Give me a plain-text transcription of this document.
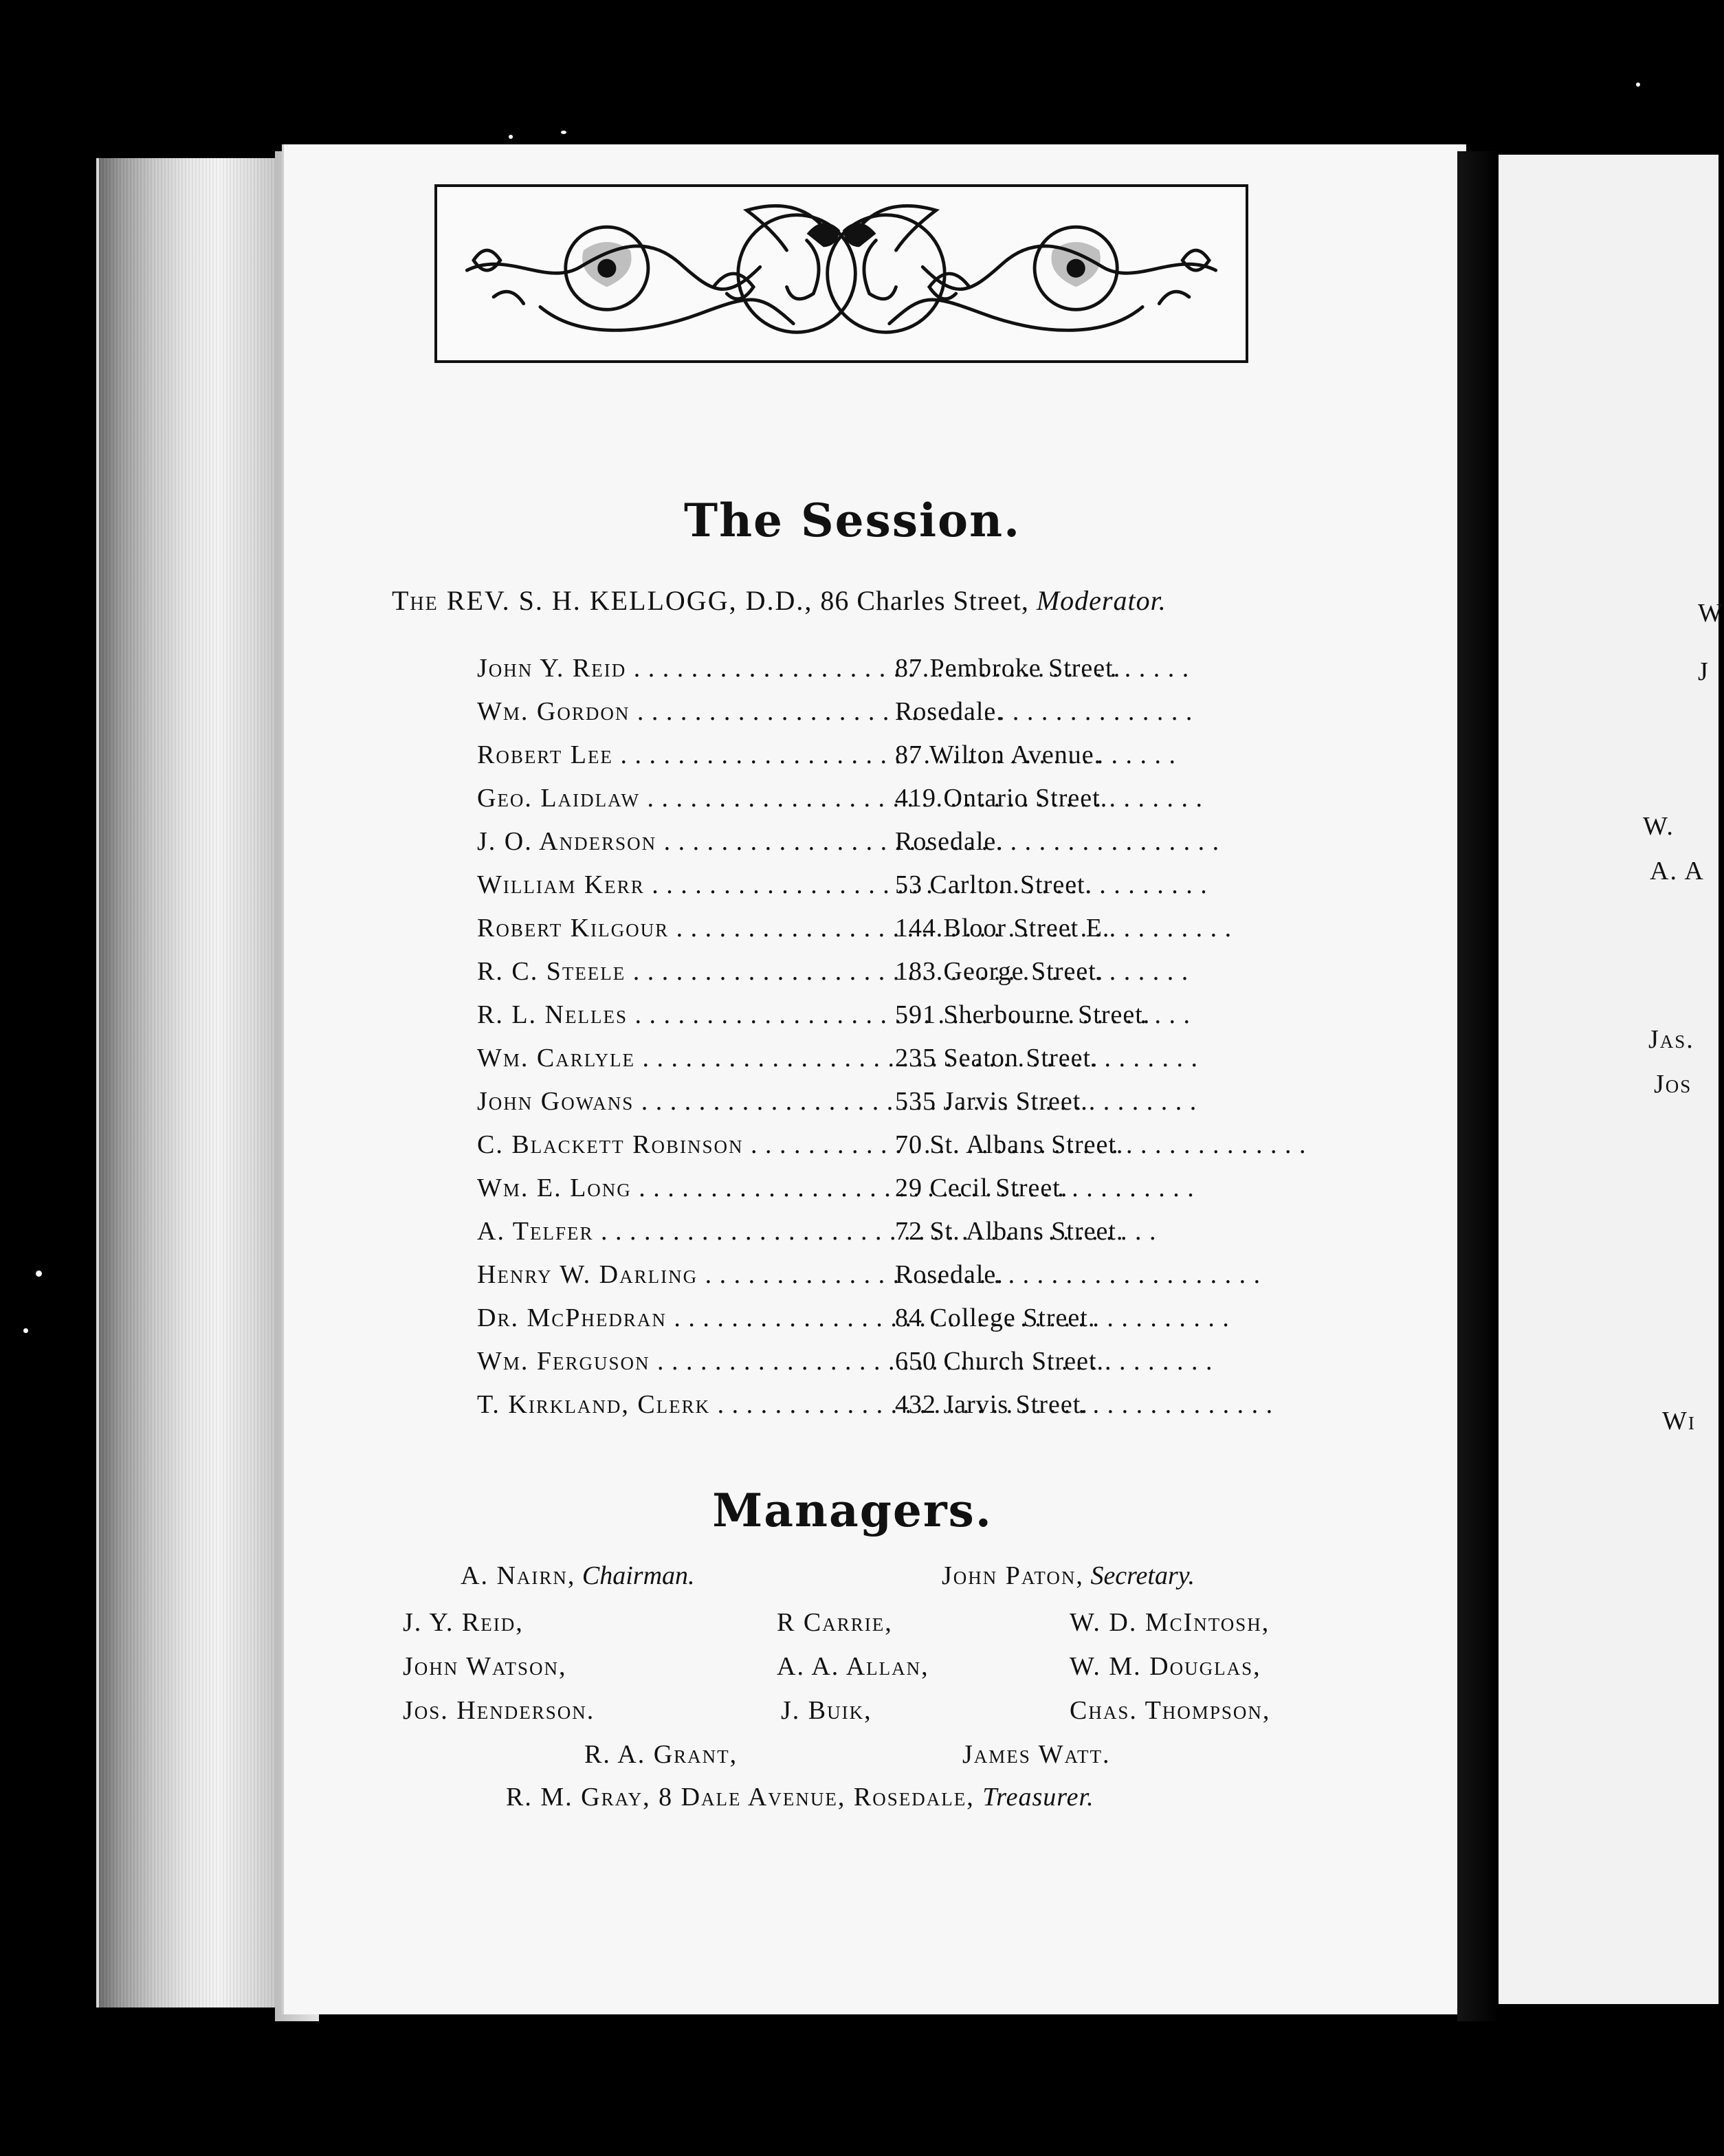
W
J
W.
A. A
Jas.
Jos
Wi
The Session.
The REV. S. H. KELLOGG, D.D., 86 Charles Street, Moderator.
John Y. Reid . . .	87 Pembroke Street.
Wm. Gordon . . .	Rosedale.
Robert Lee . . .	87 Wilton Avenue.
Geo. Laidlaw . . .	419 Ontario Street.
J. O. Anderson . . .	Rosedale.
William Kerr . . .	53 Carlton Street.
Robert Kilgour . . .	144 Bloor Street E.
R. C. Steele . . .	183 George Street.
R. L. Nelles . . .	591 Sherbourne Street.
Wm. Carlyle . . .	235 Seaton Street.
John Gowans . . .	535 Jarvis Street.
C. Blackett Robinson . . .	70 St. Albans Street.
Wm. E. Long . . .	29 Cecil Street.
A. Telfer . . .	72 St. Albans Street.
Henry W. Darling . . .	Rosedale.
Dr. McPhedran . . .	84 College Street.
Wm. Ferguson . . .	650 Church Street.
T. Kirkland, Clerk . . .	432 Jarvis Street.
Managers.
A. Nairn, Chairman.	John Paton, Secretary.
J. Y. Reid,	R Carrie,	W. D. McIntosh,
John Watson,	A. A. Allan,	W. M. Douglas,
Jos. Henderson.	J. Buik,	Chas. Thompson,
R. A. Grant,	James Watt.
R. M. Gray, 8 Dale Avenue, Rosedale, Treasurer.
